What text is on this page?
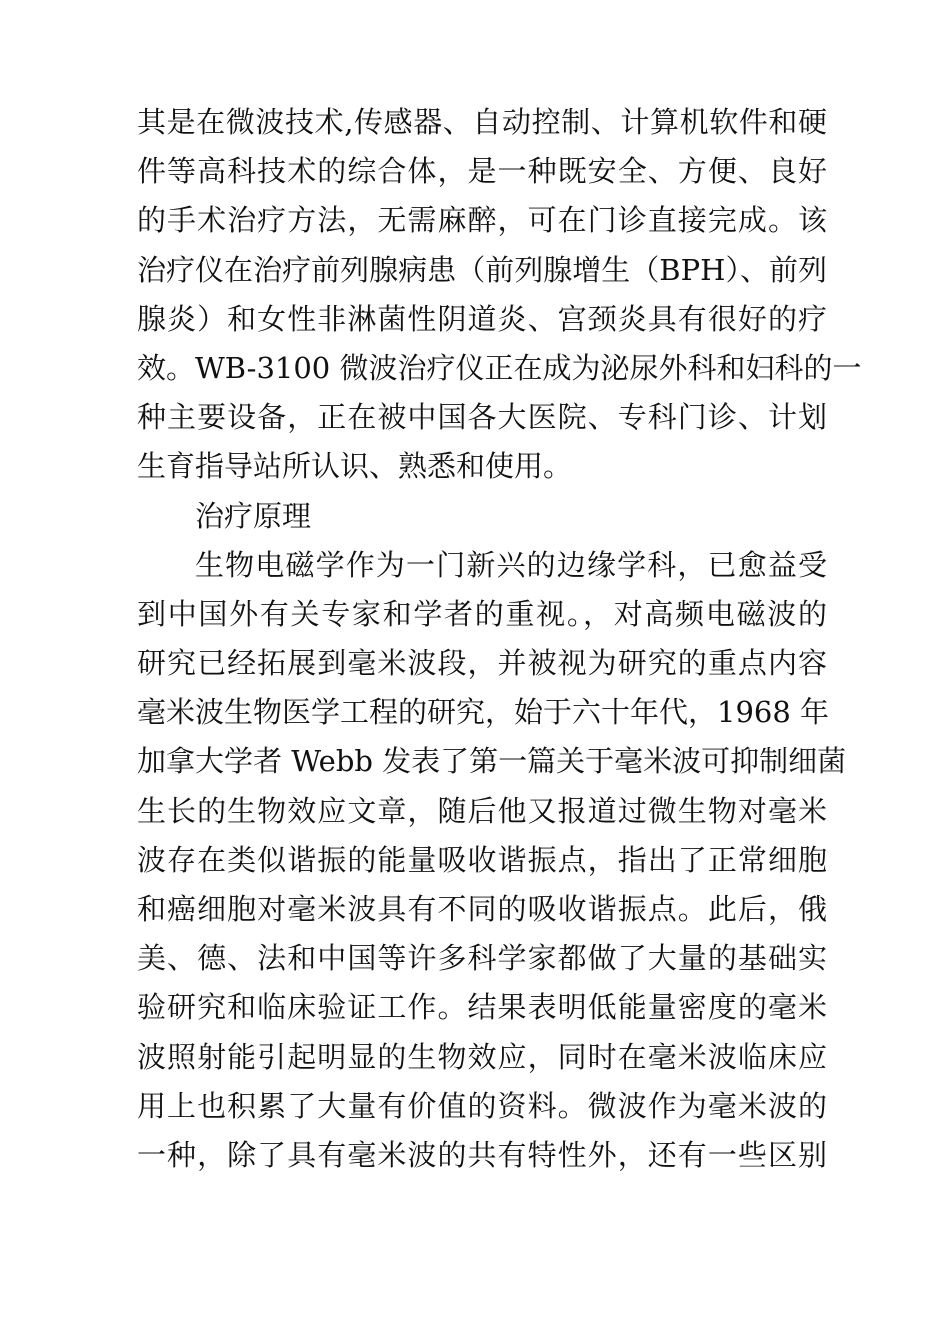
其是在微波技术,传感器、自动控制、计算机软件和硬
件等高科技术的综合体，是一种既安全、方便、良好
的手术治疗方法，无需麻醉，可在门诊直接完成。该
治疗仪在治疗前列腺病患（前列腺增生（BPH）、前列
腺炎）和女性非淋菌性阴道炎、宫颈炎具有很好的疗
效。WB-3100 微波治疗仪正在成为泌尿外科和妇科的一
种主要设备，正在被中国各大医院、专科门诊、计划
生育指导站所认识、熟悉和使用。
治疗原理
生物电磁学作为一门新兴的边缘学科，已愈益受
到中国外有关专家和学者的重视。，对高频电磁波的
研究已经拓展到毫米波段，并被视为研究的重点内容
毫米波生物医学工程的研究，始于六十年代，1968 年
加拿大学者 Webb 发表了第一篇关于毫米波可抑制细菌
生长的生物效应文章，随后他又报道过微生物对毫米
波存在类似谐振的能量吸收谐振点，指出了正常细胞
和癌细胞对毫米波具有不同的吸收谐振点。此后，俄
美、德、法和中国等许多科学家都做了大量的基础实
验研究和临床验证工作。结果表明低能量密度的毫米
波照射能引起明显的生物效应，同时在毫米波临床应
用上也积累了大量有价值的资料。微波作为毫米波的
一种，除了具有毫米波的共有特性外，还有一些区别
